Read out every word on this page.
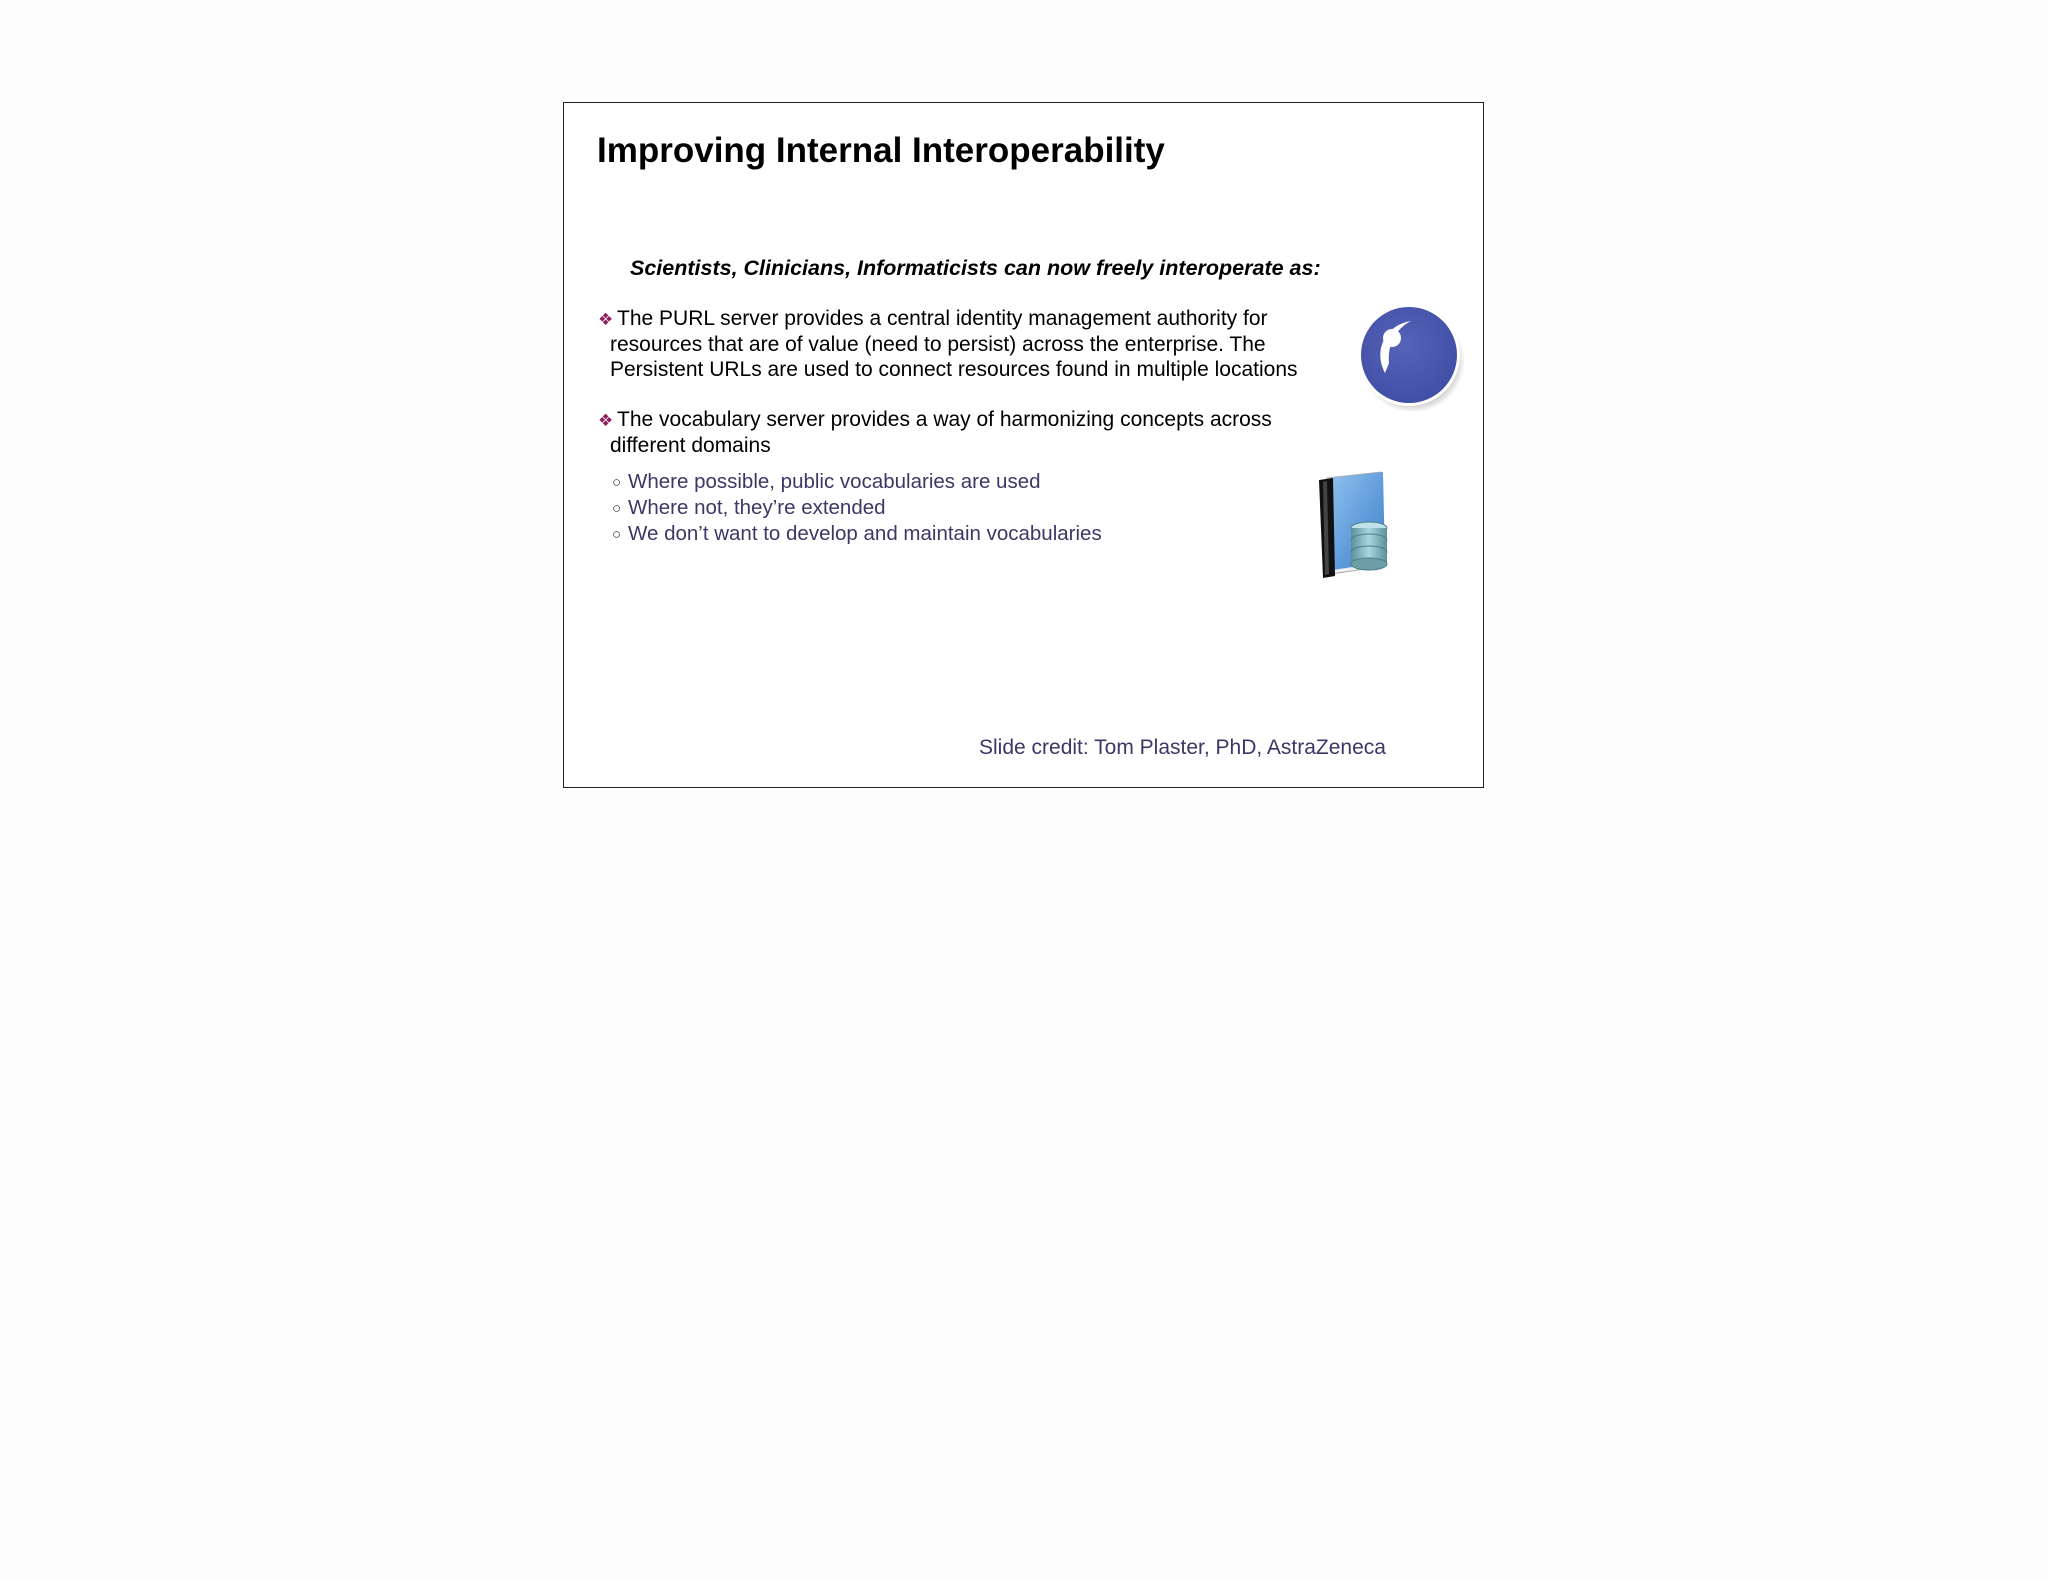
Improving Internal Interoperability
Scientists, Clinicians, Informaticists can now freely interoperate as:
❖ The PURL server provides a central identity management authority for
resources that are of value (need to persist) across the enterprise. The
Persistent URLs are used to connect resources found in multiple locations
❖ The vocabulary server provides a way of harmonizing concepts across
different domains
○ Where possible, public vocabularies are used
○ Where not, they’re extended
○ We don’t want to develop and maintain vocabularies
Slide credit: Tom Plaster, PhD, AstraZeneca
